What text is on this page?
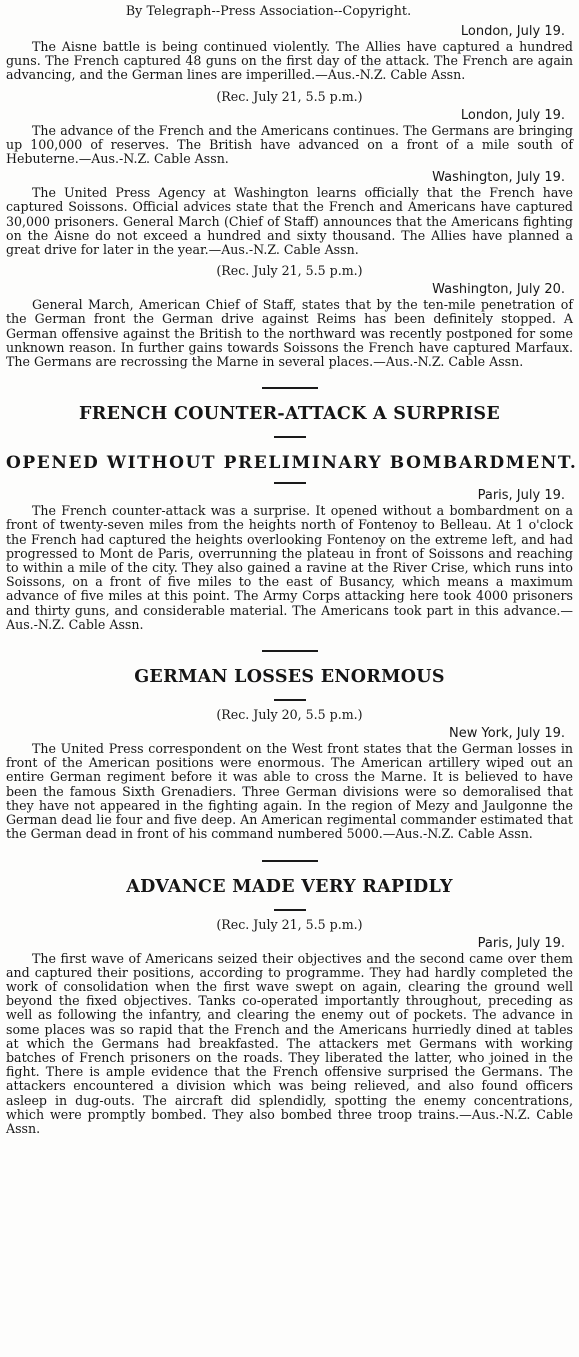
By Telegraph--Press Association--Copyright.
London, July 19.

The Aisne battle is being continued violently. The Allies have captured a hundred guns. The French captured 48 guns on the first day of the attack. The French are again advancing, and the German lines are imperilled.—Aus.-N.Z. Cable Assn.

(Rec. July 21, 5.5 p.m.)
London, July 19.

The advance of the French and the Americans continues. The Germans are bringing up 100,000 of reserves. The British have advanced on a front of a mile south of Hebuterne.—Aus.-N.Z. Cable Assn.

Washington, July 19.

The United Press Agency at Washington learns officially that the French have captured Soissons. Official advices state that the French and Americans have captured 30,000 prisoners. General March (Chief of Staff) announces that the Americans fighting on the Aisne do not exceed a hundred and sixty thousand. The Allies have planned a great drive for later in the year.—Aus.-N.Z. Cable Assn.

(Rec. July 21, 5.5 p.m.)
Washington, July 20.

General March, American Chief of Staff, states that by the ten-mile penetration of the German front the German drive against Reims has been definitely stopped. A German offensive against the British to the northward was recently postponed for some unknown reason. In further gains towards Soissons the French have captured Marfaux. The Germans are recrossing the Marne in several places.—Aus.-N.Z. Cable Assn.

FRENCH COUNTER-ATTACK A SURPRISE
OPENED WITHOUT PRELIMINARY BOMBARDMENT.
Paris, July 19.

The French counter-attack was a surprise. It opened without a bombardment on a front of twenty-seven miles from the heights north of Fontenoy to Belleau. At 1 o'clock the French had captured the heights overlooking Fontenoy on the extreme left, and had progressed to Mont de Paris, overrunning the plateau in front of Soissons and reaching to within a mile of the city. They also gained a ravine at the River Crise, which runs into Soissons, on a front of five miles to the east of Busancy, which means a maximum advance of five miles at this point. The Army Corps attacking here took 4000 prisoners and thirty guns, and considerable material. The Americans took part in this advance.—Aus.-N.Z. Cable Assn.

GERMAN LOSSES ENORMOUS
(Rec. July 20, 5.5 p.m.)
New York, July 19.

The United Press correspondent on the West front states that the German losses in front of the American positions were enormous. The American artillery wiped out an entire German regiment before it was able to cross the Marne. It is believed to have been the famous Sixth Grenadiers. Three German divisions were so demoralised that they have not appeared in the fighting again. In the region of Mezy and Jaulgonne the German dead lie four and five deep. An American regimental commander estimated that the German dead in front of his command numbered 5000.—Aus.-N.Z. Cable Assn.

ADVANCE MADE VERY RAPIDLY
(Rec. July 21, 5.5 p.m.)
Paris, July 19.

The first wave of Americans seized their objectives and the second came over them and captured their positions, according to programme. They had hardly completed the work of consolidation when the first wave swept on again, clearing the ground well beyond the fixed objectives. Tanks co-operated importantly throughout, preceding as well as following the infantry, and clearing the enemy out of pockets. The advance in some places was so rapid that the French and the Americans hurriedly dined at tables at which the Germans had breakfasted. The attackers met Germans with working batches of French prisoners on the roads. They liberated the latter, who joined in the fight. There is ample evidence that the French offensive surprised the Germans. The attackers encountered a division which was being relieved, and also found officers asleep in dug-outs. The aircraft did splendidly, spotting the enemy concentrations, which were promptly bombed. They also bombed three troop trains.—Aus.-N.Z. Cable Assn.
